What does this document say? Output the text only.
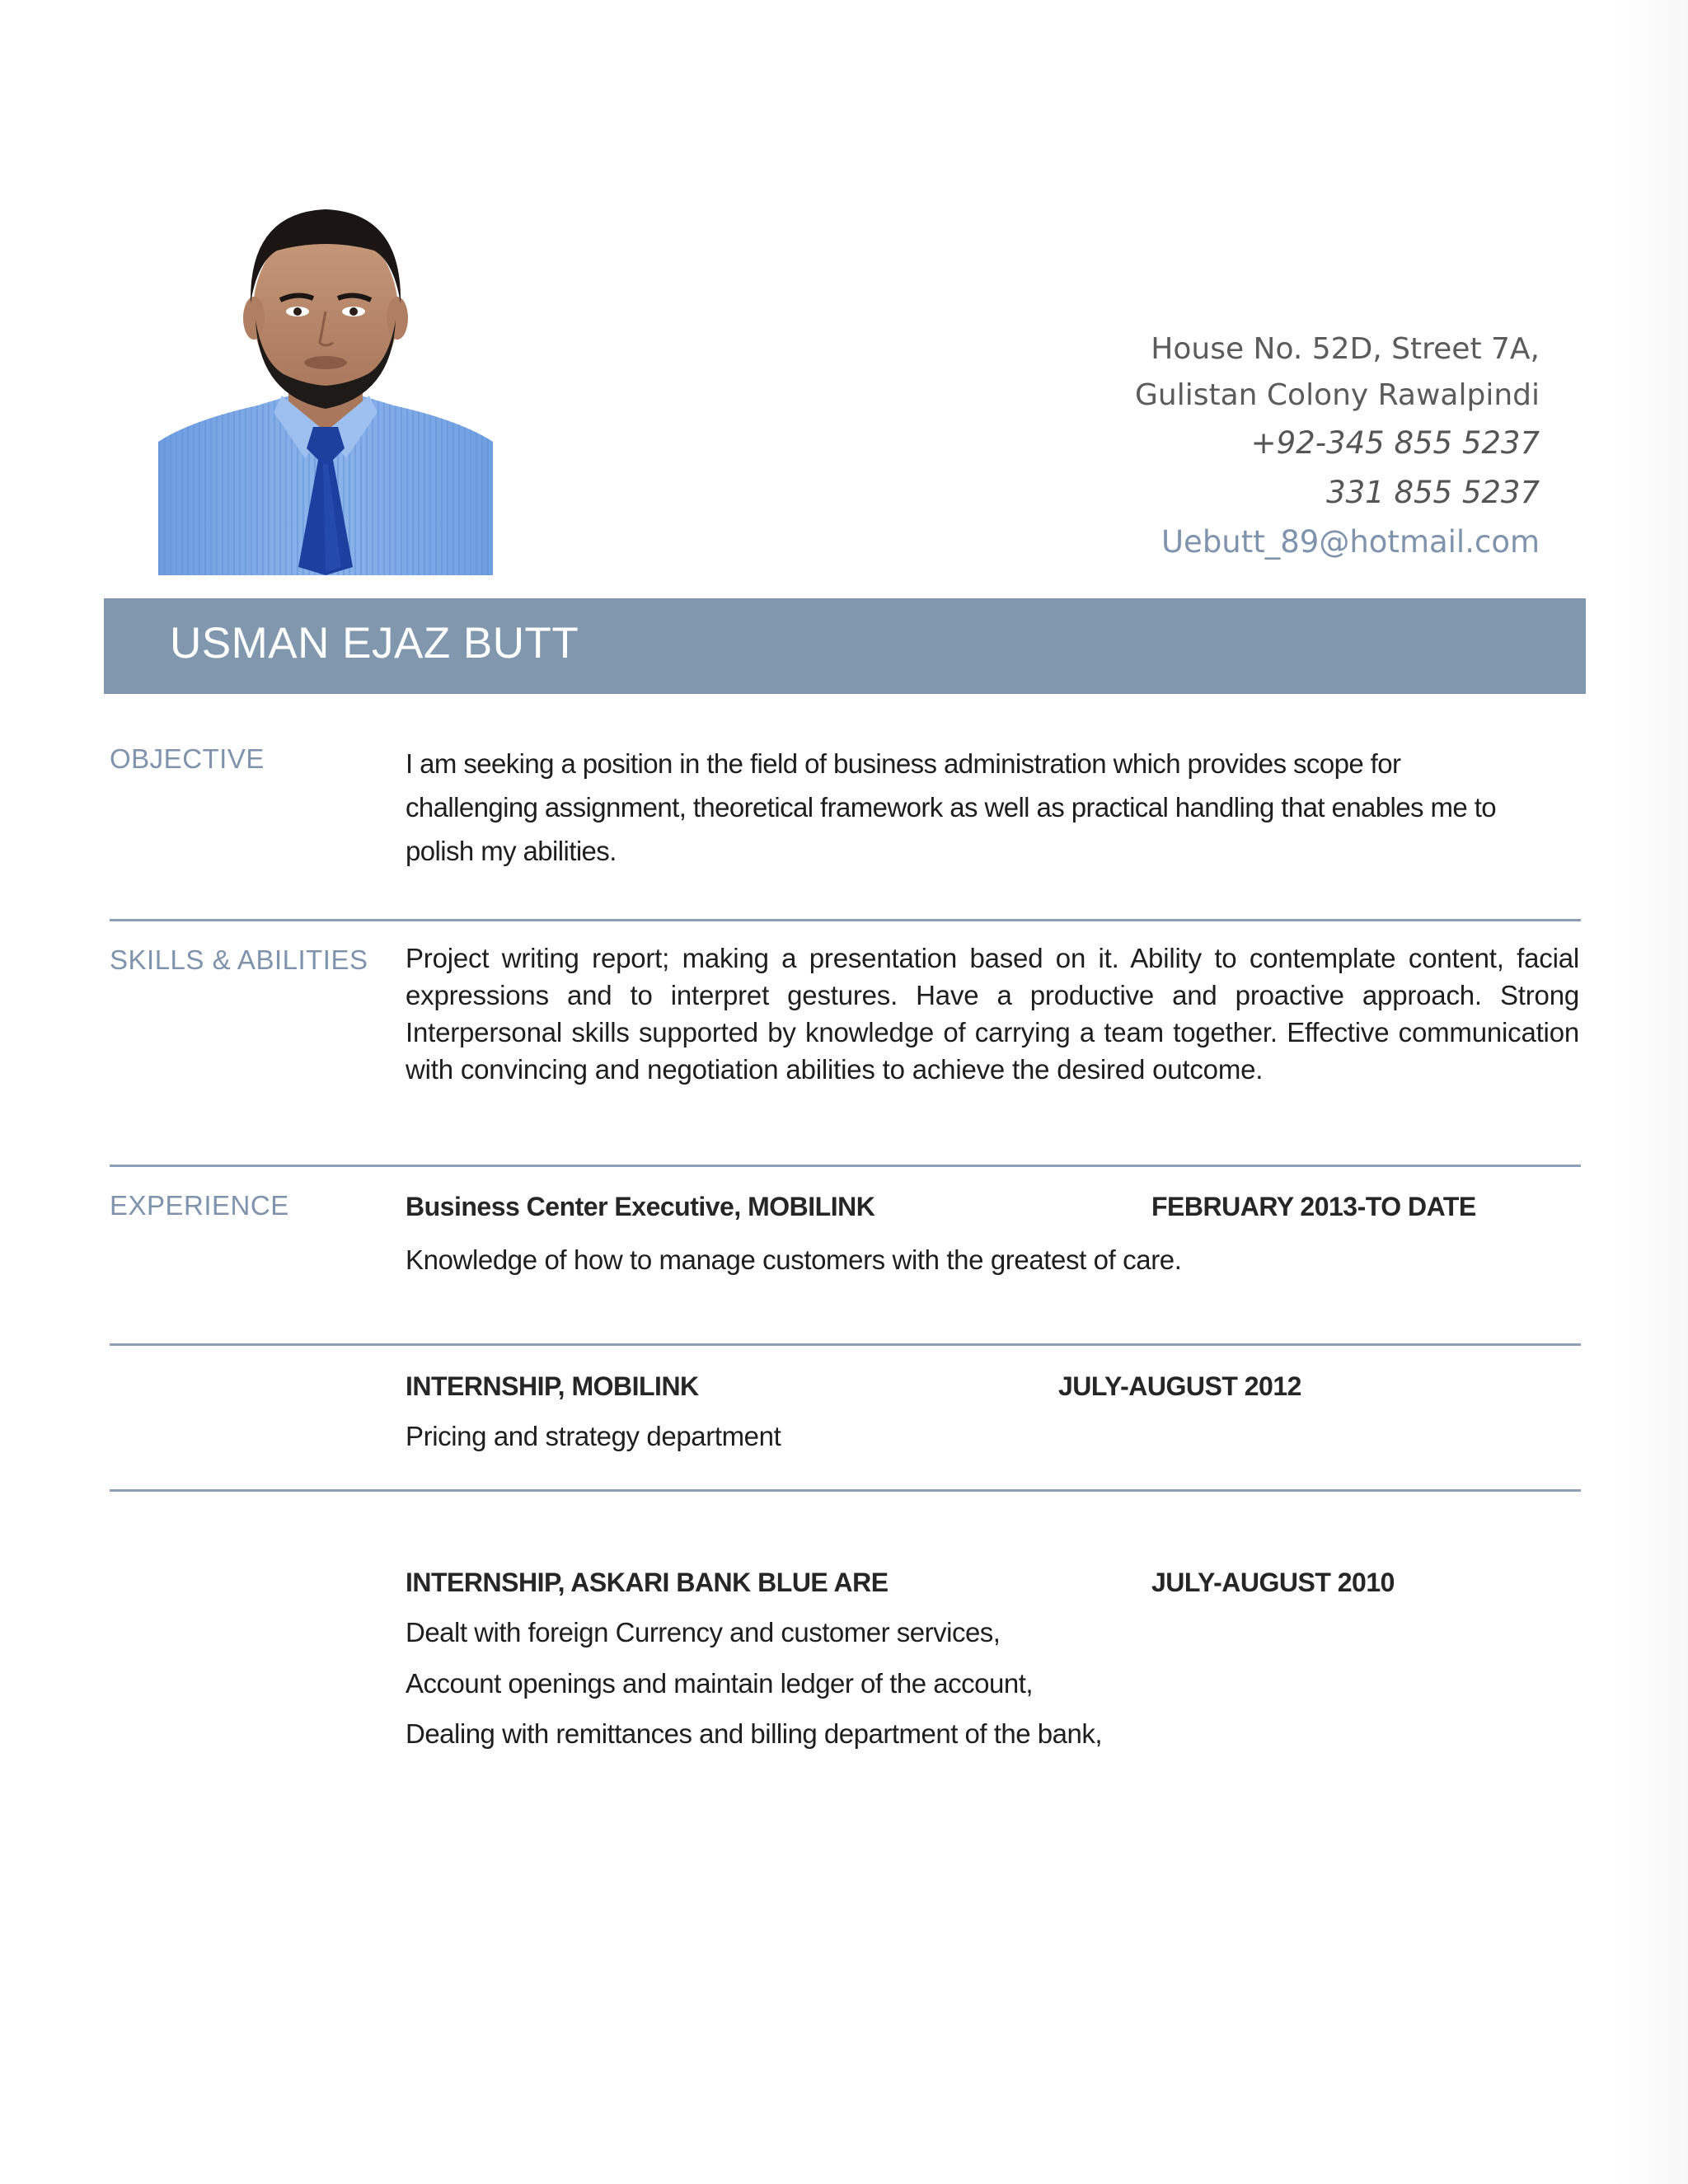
House No. 52D, Street 7A,
Gulistan Colony Rawalpindi
+92-345 855 5237
331 855 5237
Uebutt_89@hotmail.com
USMAN EJAZ BUTT
OBJECTIVE	I am seeking a position in the field of business administration which provides scope for
challenging assignment, theoretical framework as well as practical handling that enables me to
polish my abilities.
SKILLS & ABILITIES Project writing report; making a presentation based on it. Ability to contemplate content, facial expressions and to interpret gestures. Have a productive and proactive approach. Strong Interpersonal skills supported by knowledge of carrying a team together. Effective communication with convincing and negotiation abilities to achieve the desired outcome.
EXPERIENCE	Business Center Executive, MOBILINK	FEBRUARY 2013-TO DATE
Knowledge of how to manage customers with the greatest of care.
INTERNSHIP, MOBILINK	JULY-AUGUST 2012
Pricing and strategy department
INTERNSHIP, ASKARI BANK BLUE ARE	JULY-AUGUST 2010
Dealt with foreign Currency and customer services,
Account openings and maintain ledger of the account,
Dealing with remittances and billing department of the bank,
